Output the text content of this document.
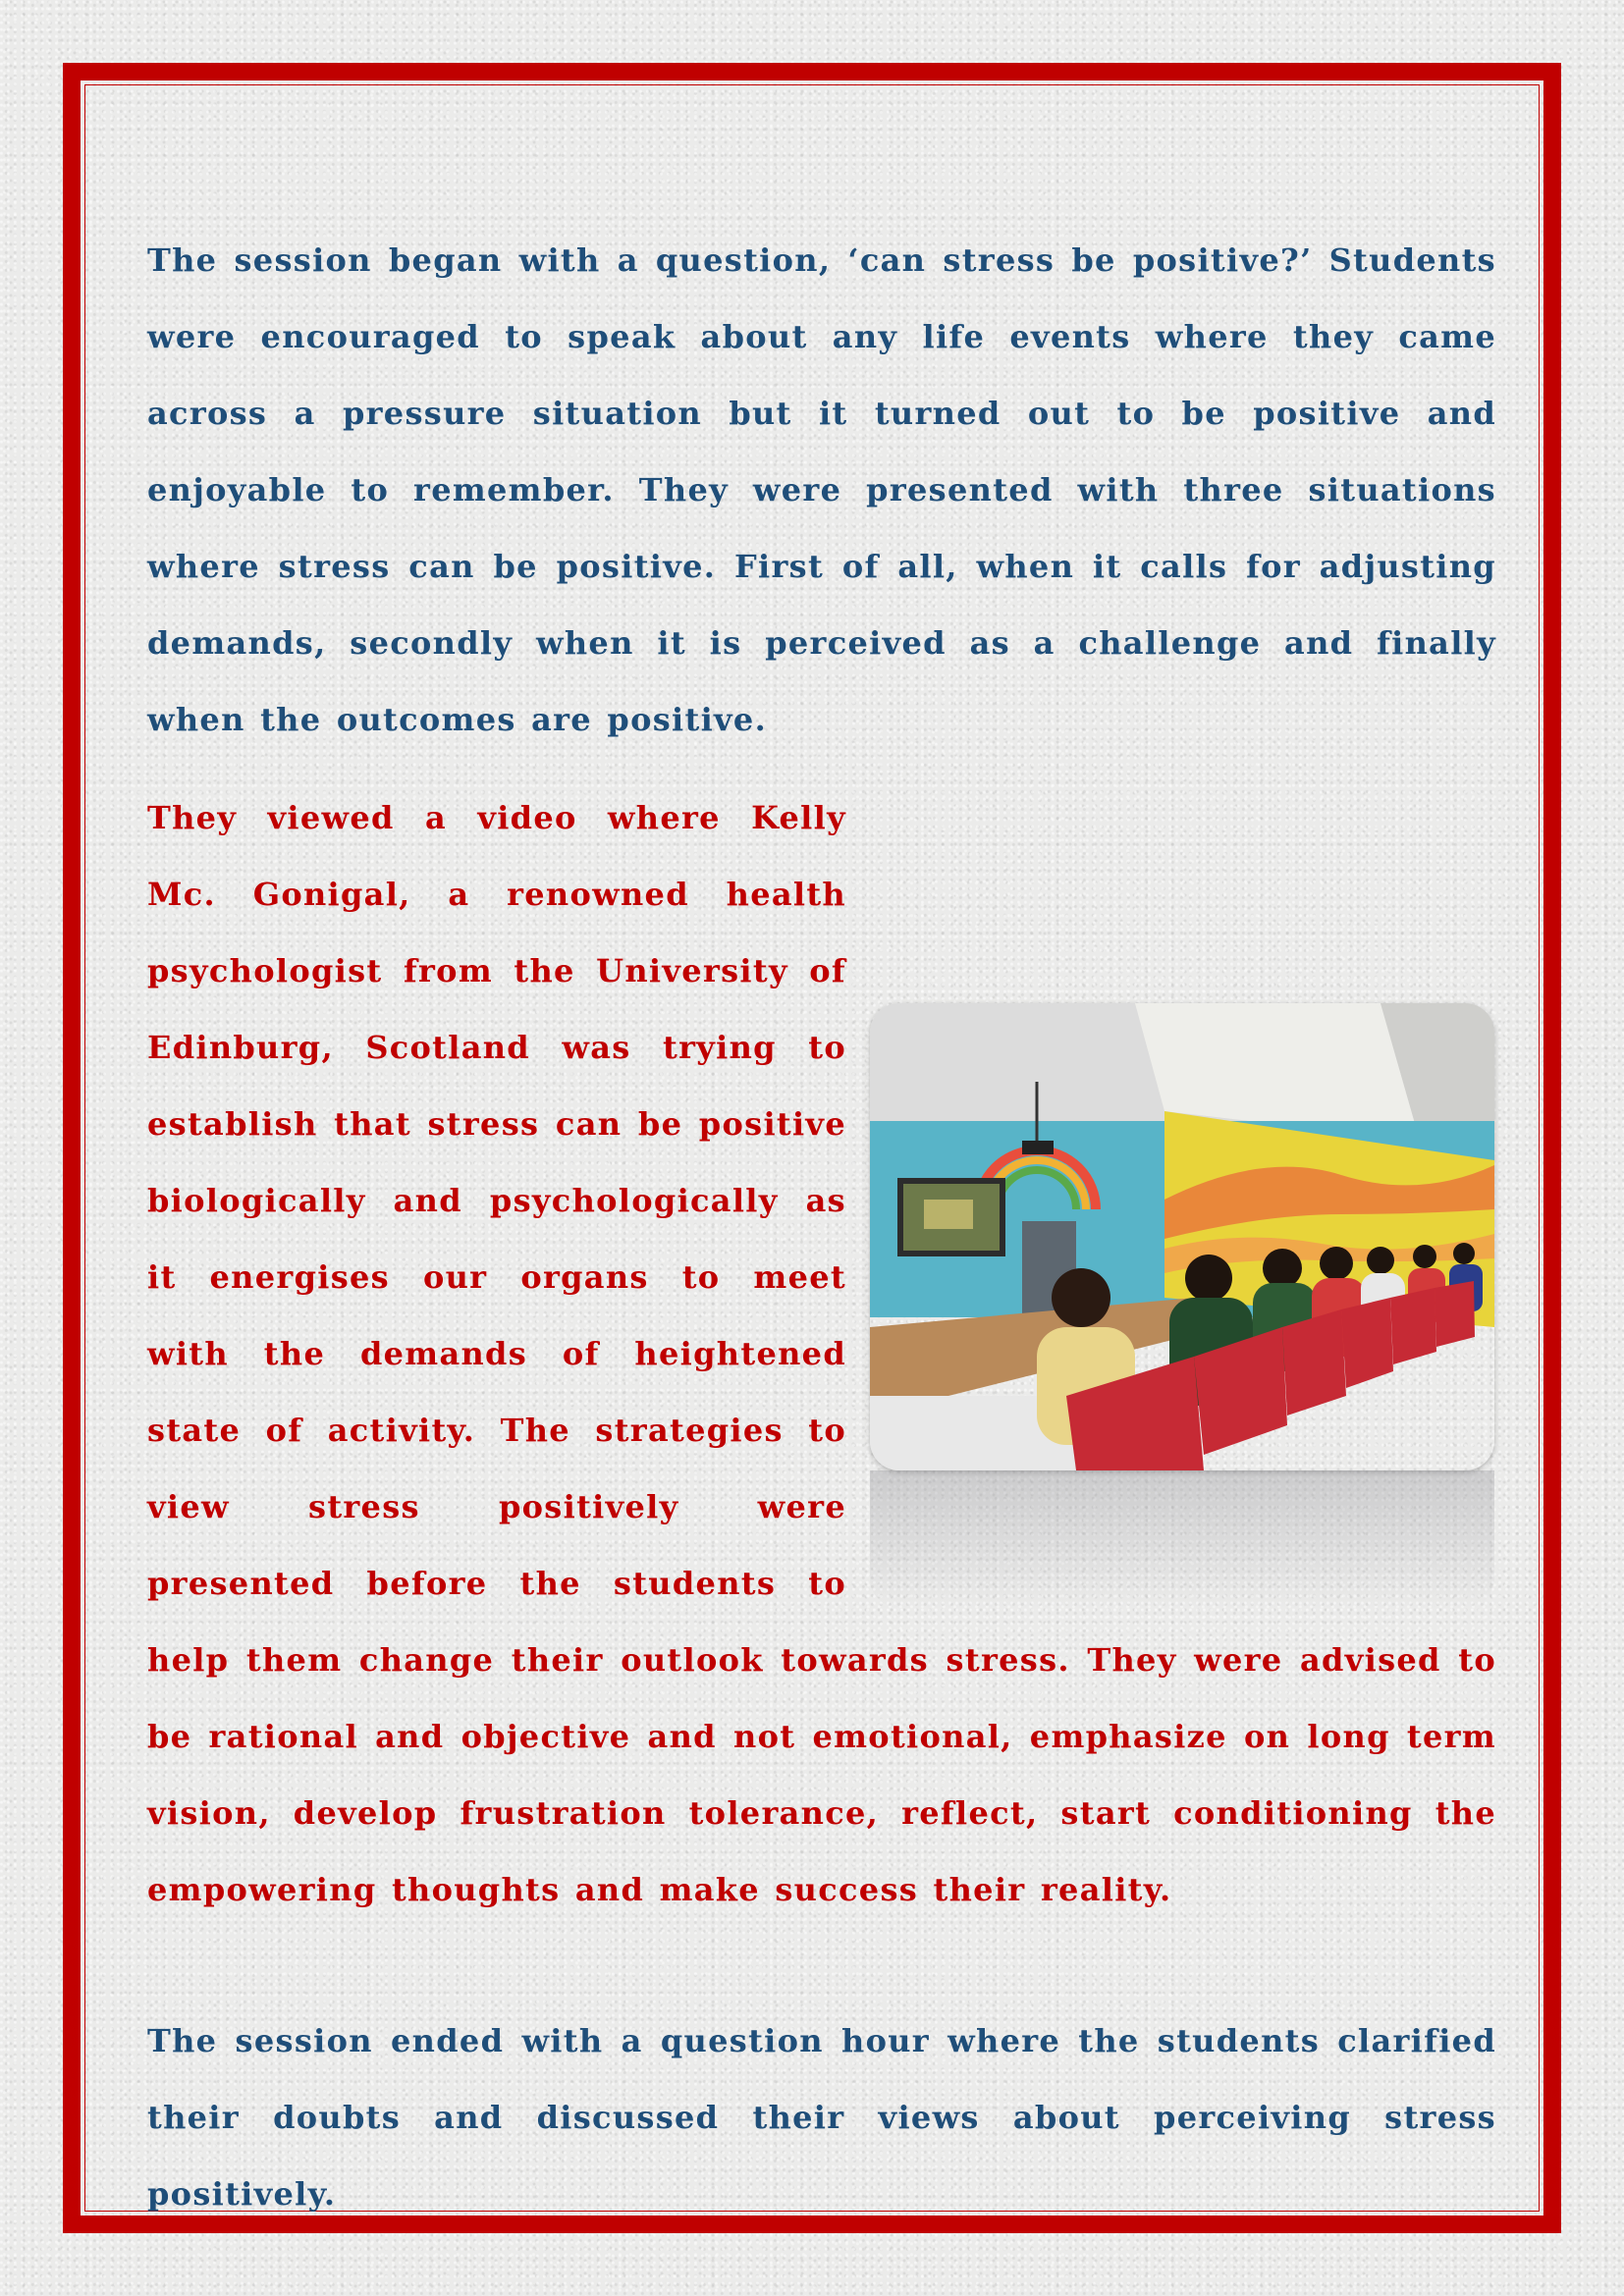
The session began with a question, ‘can stress be positive?’ Students were encouraged to speak about any life events where they came across a pressure situation but it turned out to be positive and enjoyable to remember. They were presented with three situations where stress can be positive. First of all, when it calls for adjusting demands, secondly when it is perceived as a challenge and finally when the outcomes are positive.

They viewed a video where Kelly Mc. Gonigal, a renowned health psychologist from the University of Edinburg, Scotland was trying to establish that stress can be positive biologically and psychologically as it energises our organs to meet with the demands of heightened state of activity. The strategies to view stress positively were presented before the students to help them change their outlook towards stress. They were advised to be rational and objective and not emotional, emphasize on long term vision, develop frustration tolerance, reflect, start conditioning the empowering thoughts and make success their reality.

The session ended with a question hour where the students clarified their doubts and discussed their views about perceiving stress positively.
